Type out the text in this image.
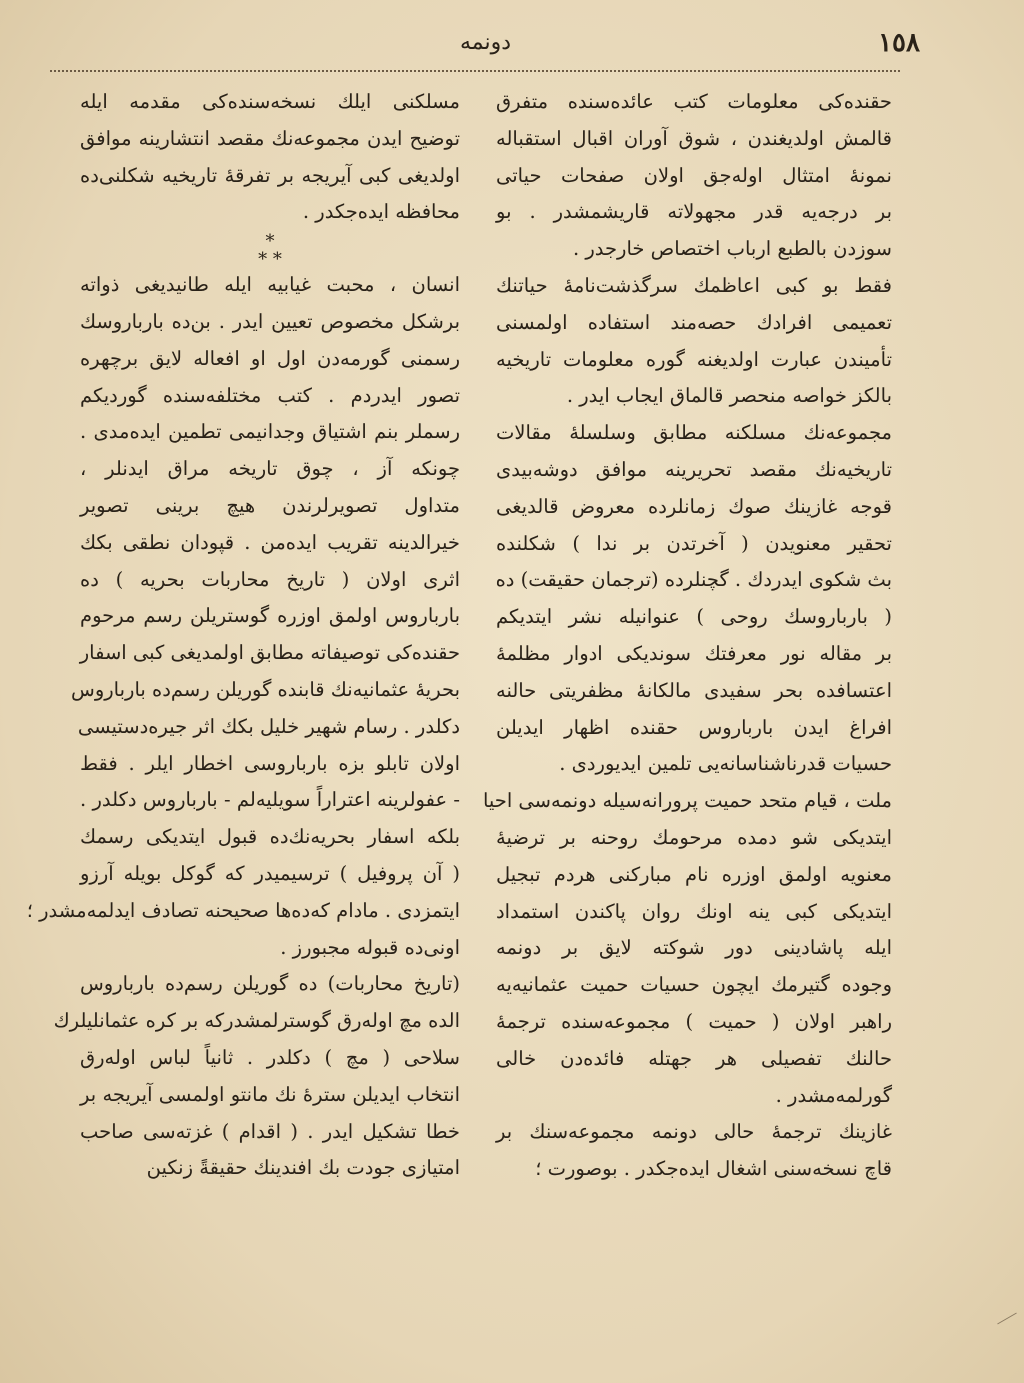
١٥٨
دونمه
حقنده‌کی معلومات کتب عائده‌سنده متفرق
قالمش اولدیغندن ، شوق آوران اقبال استقباله
نمونهٔ امتثال اوله‌جق اولان صفحات حیاتی
بر درجه‌یه قدر مجهولاته قاریشمشدر . بو
سوزدن بالطبع ارباب اختصاص خارجدر .
فقط بو کبی اعاظمك سرگذشت‌نامهٔ حیاتنك
تعمیمی افرادك حصه‌مند استفاده اولمسنی
تأمیندن عبارت اولدیغنه گوره معلومات تاریخیه
بالکز خواصه منحصر قالماق ایجاب ایدر .
مجموعه‌نك مسلکنه مطابق وسلسلهٔ مقالات
تاریخیه‌نك مقصد تحریرینه موافق دوشه‌بیدی
قوجه غازینك صوك زمانلرده معروض قالدیغی
تحقیر معنویدن ( آخرتدن بر ندا ) شکلنده
بث شکوی ایدردك . گچنلرده (ترجمان حقیقت) ده
( بارباروسك روحی ) عنوانیله نشر ایتدیکم
بر مقاله نور معرفتك سوندیکی ادوار مظلمهٔ
اعتسافده بحر سفیدی مالکانهٔ مظفریتی حالنه
افراغ ایدن بارباروس حقنده اظهار ایدیلن
حسیات قدرناشناسانه‌یی تلمین ایدیوردی .
ملت ، قیام متحد حمیت پرورانه‌سیله دونمه‌سی احیا
ایتدیکی شو دمده مرحومك روحنه بر ترضیهٔ
معنویه اولمق اوزره نام مبارکنی هردم تبجیل
ایتدیکی کبی ینه اونك روان پاکندن استمداد
ایله پاشادینی دور شوکته لایق بر دونمه
وجوده گتیرمك ایچون حسیات حمیت عثمانیه‌یه
راهبر اولان ( حمیت ) مجموعه‌سنده ترجمهٔ
حالنك تفصیلی هر جهتله فائده‌دن خالی
گورلمه‌مشدر .
غازینك ترجمهٔ حالی دونمه مجموعه‌سنك بر
قاچ نسخه‌سنی اشغال ایده‌جکدر . بوصورت ؛
مسلکنی ایلك نسخه‌سنده‌کی مقدمه ایله
توضیح ایدن مجموعه‌نك مقصد انتشارینه موافق
اولدیغی کبی آیریجه بر تفرقهٔ تاریخیه شکلنی‌ده
محافظه ایده‌جکدر .
*
* *
انسان ، محبت غیابیه ایله طانیدیغی ذواته
برشکل مخصوص تعیین ایدر . بن‌ده بارباروسك
رسمنی گورمه‌دن اول او افعاله لایق برچهره
تصور ایدردم . کتب مختلفه‌سنده گوردیکم
رسملر بنم اشتیاق وجدانیمی تطمین ایده‌مدی .
چونکه آز ، چوق تاریخه مراق ایدنلر ،
متداول تصویرلرندن هیچ برینی تصویر
خیرالدینه تقریب ایده‌من . قپودان نطقی بکك
اثری اولان ( تاریخ محاربات بحریه ) ده
بارباروس اولمق اوزره گوستریلن رسم مرحوم
حقنده‌کی توصیفاته مطابق اولمدیغی کبی اسفار
بحریهٔ عثمانیه‌نك قابنده گوریلن رسم‌ده بارباروس
دکلدر . رسام شهیر خلیل بکك اثر جیره‌دستیسی
اولان تابلو بزه بارباروسی اخطار ایلر . فقط
- عفولرینه اعتراراً سویلیه‌لم - بارباروس دکلدر .
بلکه اسفار بحریه‌نك‌ده قبول ایتدیکی رسمك
( آن پروفیل ) ترسیمیدر که گوکل بویله آرزو
ایتمزدی . مادام که‌ده‌ها صحیحنه تصادف ایدلمه‌مشدر ؛
اونی‌ده قبوله مجبورز .
(تاریخ محاربات) ده گوریلن رسم‌ده بارباروس
الده مچ اوله‌رق گوسترلمشدرکه بر کره عثمانلیلرك
سلاحی ( مچ ) دکلدر . ثانیاً لباس اوله‌رق
انتخاب ایدیلن سترهٔ نك مانتو اولمسی آیریجه بر
خطا تشکیل ایدر . ( اقدام ) غزته‌سی صاحب
امتیازی جودت بك افندینك حقیقةً زنکین
